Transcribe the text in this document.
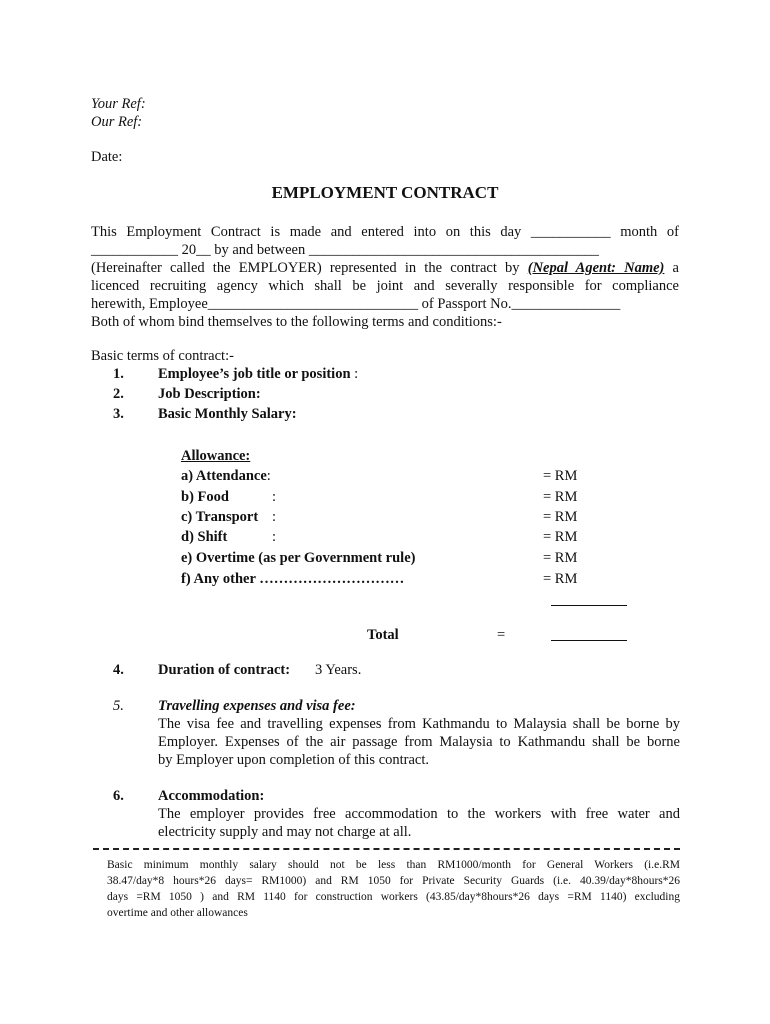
Your Ref:
Our Ref:
Date:
EMPLOYMENT CONTRACT
This Employment Contract is made and entered into on this day ___________ month of
____________ 20__ by and between ________________________________________
(Hereinafter called the EMPLOYER) represented in the contract by (Nepal Agent: Name) a
licenced recruiting agency which shall be joint and severally responsible for compliance
herewith, Employee_____________________________ of Passport No._______________
Both of whom bind themselves to the following terms and conditions:-
Basic terms of contract:-
1. Employee’s job title or position :
2. Job Description:
3. Basic Monthly Salary:
Allowance:
a) Attendance:	= RM
b) Food	:	= RM
c) Transport :	= RM
d) Shift	:	= RM
e) Overtime (as per Government rule)	= RM
f) Any other …………………………	= RM
Total	=
4. Duration of contract: 3 Years.
5. Travelling expenses and visa fee:
The visa fee and travelling expenses from Kathmandu to Malaysia shall be borne by
Employer. Expenses of the air passage from Malaysia to Kathmandu shall be borne
by Employer upon completion of this contract.
6. Accommodation:
The employer provides free accommodation to the workers with free water and
electricity supply and may not charge at all.
Basic minimum monthly salary should not be less than RM1000/month for General Workers (i.e.RM
38.47/day*8 hours*26 days= RM1000) and RM 1050 for Private Security Guards (i.e. 40.39/day*8hours*26
days =RM 1050 ) and RM 1140 for construction workers (43.85/day*8hours*26 days =RM 1140) excluding
overtime and other allowances
